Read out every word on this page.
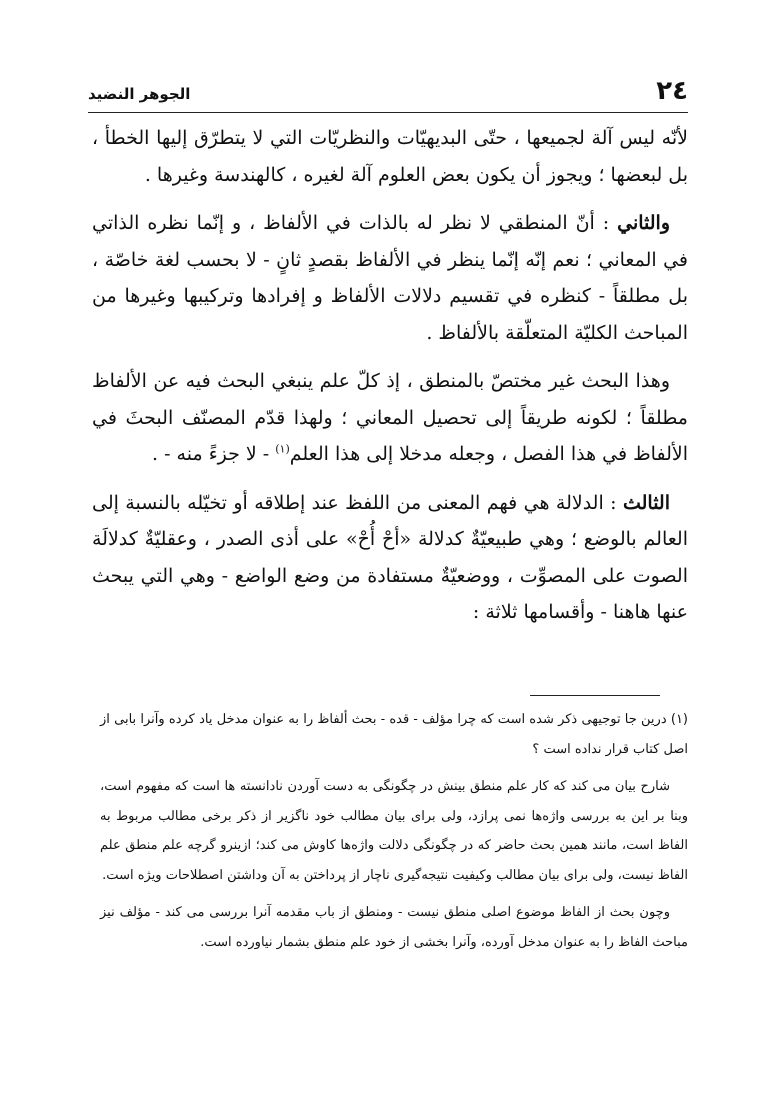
٢٤
الجوهر النضيد

لأنّه ليس آلة لجميعها ، حتّى البديهيّات والنظريّات التي لا يتطرّق إليها الخطأ ، بل لبعضها ؛ ويجوز أن يكون بعض العلوم آلة لغيره ، كالهندسة وغيرها .

والثاني : أنّ المنطقي لا نظر له بالذات في الألفاظ ، و إنّما نظره الذاتي في المعاني ؛ نعم إنّه إنّما ينظر في الألفاظ بقصدٍ ثانٍ - لا بحسب لغة خاصّة ، بل مطلقاً - كنظره في تقسيم دلالات الألفاظ و إفرادها وتركيبها وغيرها من المباحث الكليّة المتعلّقة بالألفاظ .

وهذا البحث غير مختصّ بالمنطق ، إذ كلّ علم ينبغي البحث فيه عن الألفاظ مطلقاً ؛ لكونه طريقاً إلى تحصيل المعاني ؛ ولهذا قدّم المصنّف البحثَ في الألفاظ في هذا الفصل ، وجعله مدخلا إلى هذا العلم$^{(١)}$ - لا جزءً منه - .

الثالث : الدلالة هي فهم المعنى من اللفظ عند إطلاقه أو تخيّله بالنسبة إلى العالم بالوضع ؛ وهي طبيعيّةٌ كدلالة «أحْ أُحْ» على أذى الصدر ، وعقليّةٌ كدلالَة الصوت على المصوِّت ، ووضعيّةٌ مستفادة من وضع الواضع - وهي التي يبحث عنها هاهنا - وأقسامها ثلاثة :

(١) درين جا توجيهى ذكر شده است كه چرا مؤلف - قده - بحث ألفاظ را به عنوان مدخل ياد كرده وآنرا بابى از اصل كتاب قرار نداده است ؟

شارح بيان مى كند كه كار علم منطق بينش در چگونگى به دست آوردن نادانسته ها است كه مفهوم است، وبنا بر اين به بررسى واژەها نمى پرازد، ولى براى بيان مطالب خود ناگزير از ذكر برخى مطالب مربوط به الفاظ است، مانند همين بحث حاضر كه در چگونگى دلالت واژەها كاوش مى كند؛ ازينرو گرچه علم منطق علم الفاظ نيست، ولى براى بيان مطالب وكيفيت نتيجەگيرى ناچار از پرداختن به آن وداشتن اصطلاحات ويژه است.

وچون بحث از الفاظ موضوع اصلى منطق نيست - ومنطق از باب مقدمه آنرا بررسى مى كند - مؤلف نيز مباحث الفاظ را به عنوان مدخل آورده، وآنرا بخشى از خود علم منطق بشمار نياورده است.
